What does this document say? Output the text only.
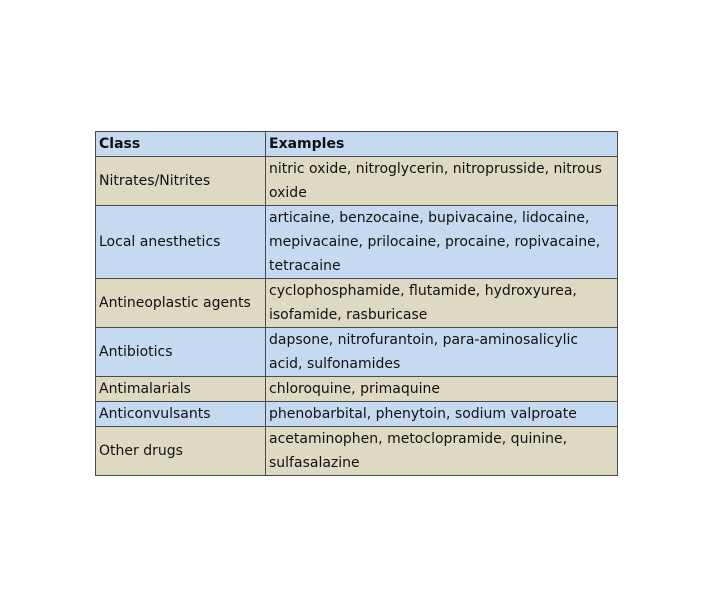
Class	Examples
Nitrates/Nitrites	nitric oxide, nitroglycerin, nitroprusside, nitrous oxide
Local anesthetics	articaine, benzocaine, bupivacaine, lidocaine, mepivacaine, prilocaine, procaine, ropivacaine, tetracaine
Antineoplastic agents	cyclophosphamide, flutamide, hydroxyurea, isofamide, rasburicase
Antibiotics	dapsone, nitrofurantoin, para-aminosalicylic acid, sulfonamides
Antimalarials	chloroquine, primaquine
Anticonvulsants	phenobarbital, phenytoin, sodium valproate
Other drugs	acetaminophen, metoclopramide, quinine, sulfasalazine
